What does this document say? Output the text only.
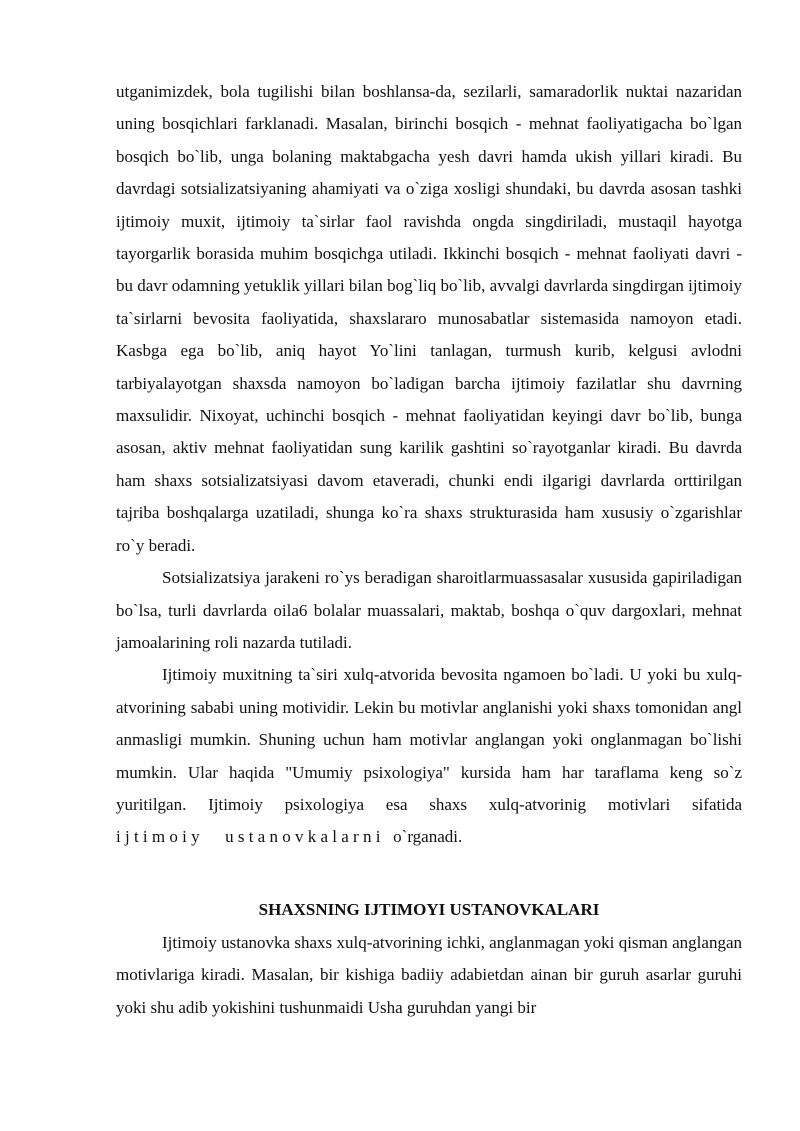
utganimizdek, bola tugilishi bilan boshlansa-da, sezilarli, samaradorlik nuktai nazaridan uning bosqichlari farklanadi. Masalan, birinchi bosqich - mehnat faoliyatigacha bo`lgan bosqich bo`lib, unga bolaning maktabgacha yesh davri hamda ukish yillari kiradi. Bu davrdagi sotsializatsiyaning ahamiyati va o`ziga xosligi shundaki, bu davrda asosan tashki ijtimoiy muxit, ijtimoiy ta`sirlar faol ravishda ongda singdiriladi, mustaqil hayotga tayorgarlik borasida muhim bosqichga utiladi. Ikkinchi bosqich - mehnat faoliyati davri - bu davr odamning yetuklik yillari bilan bog`liq bo`lib, avvalgi davrlarda singdirgan ijtimoiy ta`sirlarni bevosita faoliyatida, shaxslararo munosabatlar sistemasida namoyon etadi. Kasbga ega bo`lib, aniq hayot Yo`lini tanlagan, turmush kurib, kelgusi avlodni tarbiyalayotgan shaxsda namoyon bo`ladigan barcha ijtimoiy fazilatlar shu davrning maxsulidir. Nixoyat, uchinchi bosqich - mehnat faoliyatidan keyingi davr bo`lib, bunga asosan, aktiv mehnat faoliyatidan sung karilik gashtini so`rayotganlar kiradi. Bu davrda ham shaxs sotsializatsiyasi davom etaveradi, chunki endi ilgarigi davrlarda orttirilgan tajriba boshqalarga uzatiladi, shunga ko`ra shaxs strukturasida ham xususiy o`zgarishlar ro`y beradi.

Sotsializatsiya jarakeni ro`ys beradigan sharoitlarmuassasalar xususida gapiriladigan bo`lsa, turli davrlarda oila6 bolalar muassalari, maktab, boshqa o`quv dargoxlari, mehnat jamoalarining roli nazarda tutiladi.

Ijtimoiy muxitning ta`siri xulq-atvorida bevosita ngamoen bo`ladi. U yoki bu xulq-atvorining sababi uning motividir. Lekin bu motivlar anglanishi yoki shaxs tomonidan angl anmasligi mumkin. Shuning uchun ham motivlar anglangan yoki onglanmagan bo`lishi mumkin. Ular haqida "Umumiy psixologiya" kursida ham har taraflama keng so`z yuritilgan. Ijtimoiy psixologiya esa shaxs xulq-atvorinig motivlari sifatida i j t i m o i y      u s t a n o v k a l a r n i   o`rganadi.

SHAXSNING IJTIMOYI USTANOVKALARI

Ijtimoiy ustanovka shaxs xulq-atvorining ichki, anglanmagan yoki qisman anglangan motivlariga kiradi. Masalan, bir kishiga badiiy adabietdan ainan bir guruh asarlar guruhi yoki shu adib yokishini tushunmaidi Usha guruhdan yangi bir
